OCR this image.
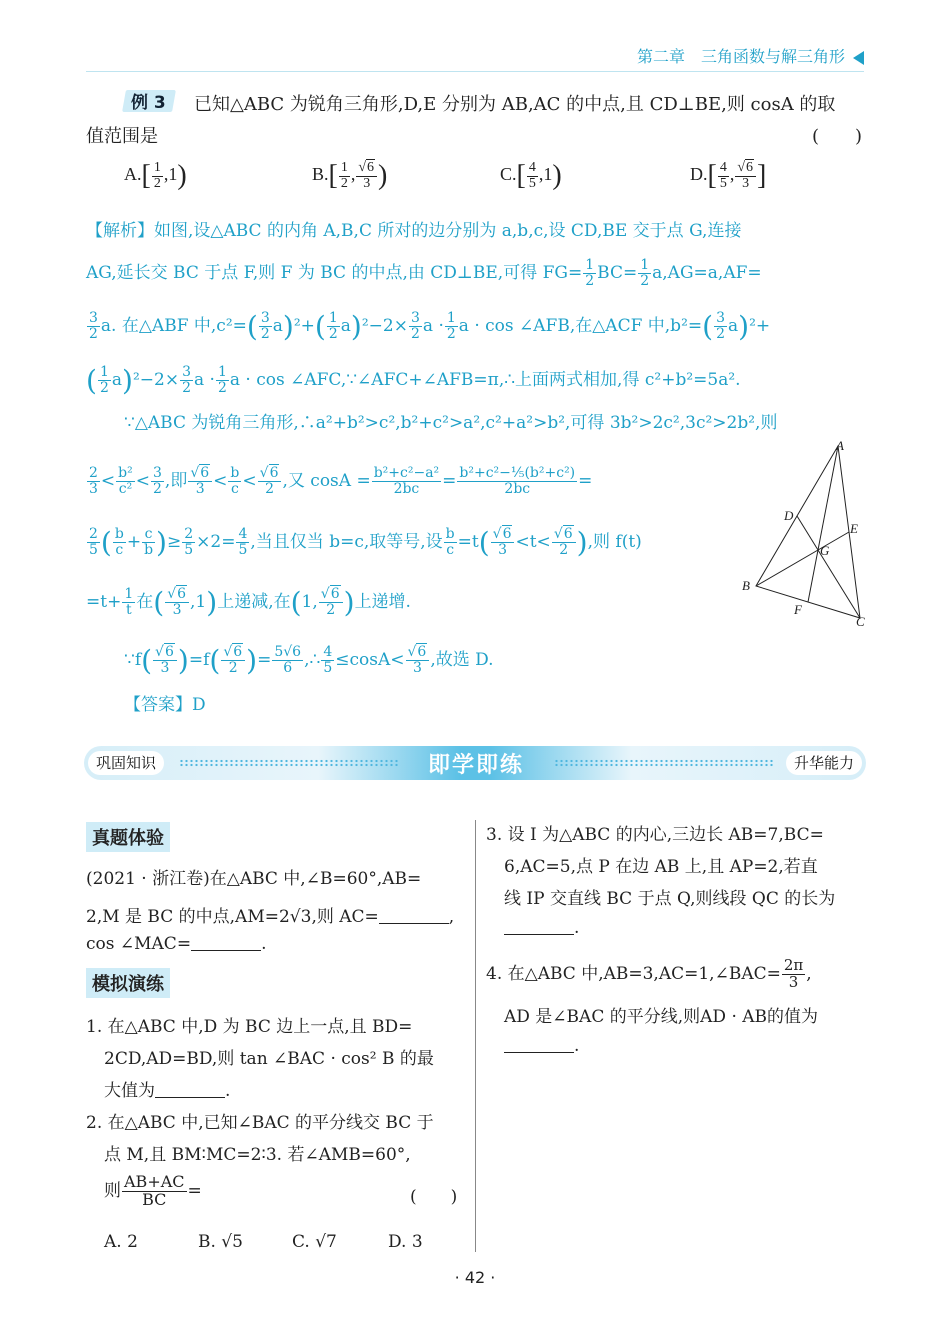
第二章　三角函数与解三角形
例 3 已知△ABC 为锐角三角形,D,E 分别为 AB,AC 的中点,且 CD⊥BE,则 cosA 的取
值范围是	(　　)
$A.[ \frac{1}{2} ,1)$	$B.[ \frac{1}{2}$ , $\frac{√6}{3}$ )	$C.[ \frac{4}{5} ,1)$	$D.[ \frac{4}{5}$ , $\frac{√6}{3}$ ]
【解析】如图,设△ABC 的内角 A,B,C 所对的边分别为 a,b,c,设 CD,BE 交于点 G,连接
AG,延长交 BC 于点 F,则 F 为 BC 的中点,由 CD⊥BE,可得 $FG= \frac{1}{2} BC= \frac{1}{2} a,AG=a,AF=$
$\frac{3}{2} a$. 在△ABF 中$,c^2=( \frac{3}{2} a)^2+( \frac{1}{2} a)^2-2\times \frac{3}{2}$ $a \cdot \frac{1}{2}$ a · cos ∠AFB,在△ACF 中$,b^2=( \frac{3}{2} a)^2+$
( $\frac{1}{2} a)^2-2\times \frac{3}{2}$ $a \cdot \frac{1}{2}$ a · cos ∠AFC,∵∠AFC+∠AFB=π,∴上面两式相加,得 c²+b²=5a².
∵△ABC 为锐角三角形,∴a²+b²>c²,b²+c²>a²,c²+a²>b²,可得 3b²>2c²,3c²>2b²,则
$\frac{2}{3} < \frac{\text{b²}}{\text{c²}} < \frac{3}{2}$ ,即 $\frac{√6}{3} < \frac{b}{c} < \frac{√6}{2}$ ,又 $\cos A = \frac{\text{b²+c²−a²}}{2bc} = \frac{\text{b²+c²−⅕(b²+c²)}}{2bc}$ =
$\frac{2}{5}$ ( $\frac{b}{c} + \frac{c}{b}$ )≥ $\frac{2}{5} \times 2= \frac{4}{5}$ ,当且仅当 b=c,取等号,设 $\frac{b}{c} =t( \frac{√6}{3} <t< \frac{√6}{2}$ ),则 f(t)
$=t+ \frac{1}{t}$ 在( $\frac{√6}{3} ,1$)上递减,在(1, $\frac{√6}{2}$ )上递增.
∵f( $\frac{√6}{3} )=f( \frac{√6}{2}$ )= $\frac{5√6}{6}$ ,∴ $\frac{4}{5} \le\cos A< \frac{√6}{3}$ ,故选 D.
【答案】D
A
B
C
D
E
F
G
巩固知识	即学即练	升华能力
真题体验
(2021 · 浙江卷)在△ABC 中,∠B=60°,AB=
2,M 是 BC 的中点,AM=2√3,则 AC=	,
cos ∠MAC=	.
模拟演练
1. 在△ABC 中,D 为 BC 边上一点,且 BD=
2CD,AD=BD,则 tan ∠BAC · cos² B 的最
大值为	.
2. 在△ABC 中,已知∠BAC 的平分线交 BC 于
点 M,且 BM∶MC=2∶3. 若∠AMB=60°,
则 $\frac{AB+AC}{BC}$ =	(　　)
A. 2	B. √5	C. √7	D. 3
3. 设 I 为△ABC 的内心,三边长 AB=7,BC=
6,AC=5,点 P 在边 AB 上,且 AP=2,若直
线 IP 交直线 BC 于点 Q,则线段 QC 的长为
.
4. 在△ABC 中,AB=3,AC=1,∠BAC= $\frac{2\pi}{3}$ ,
AD 是∠BAC 的平分线,则AD · AB的值为
.
· 42 ·
